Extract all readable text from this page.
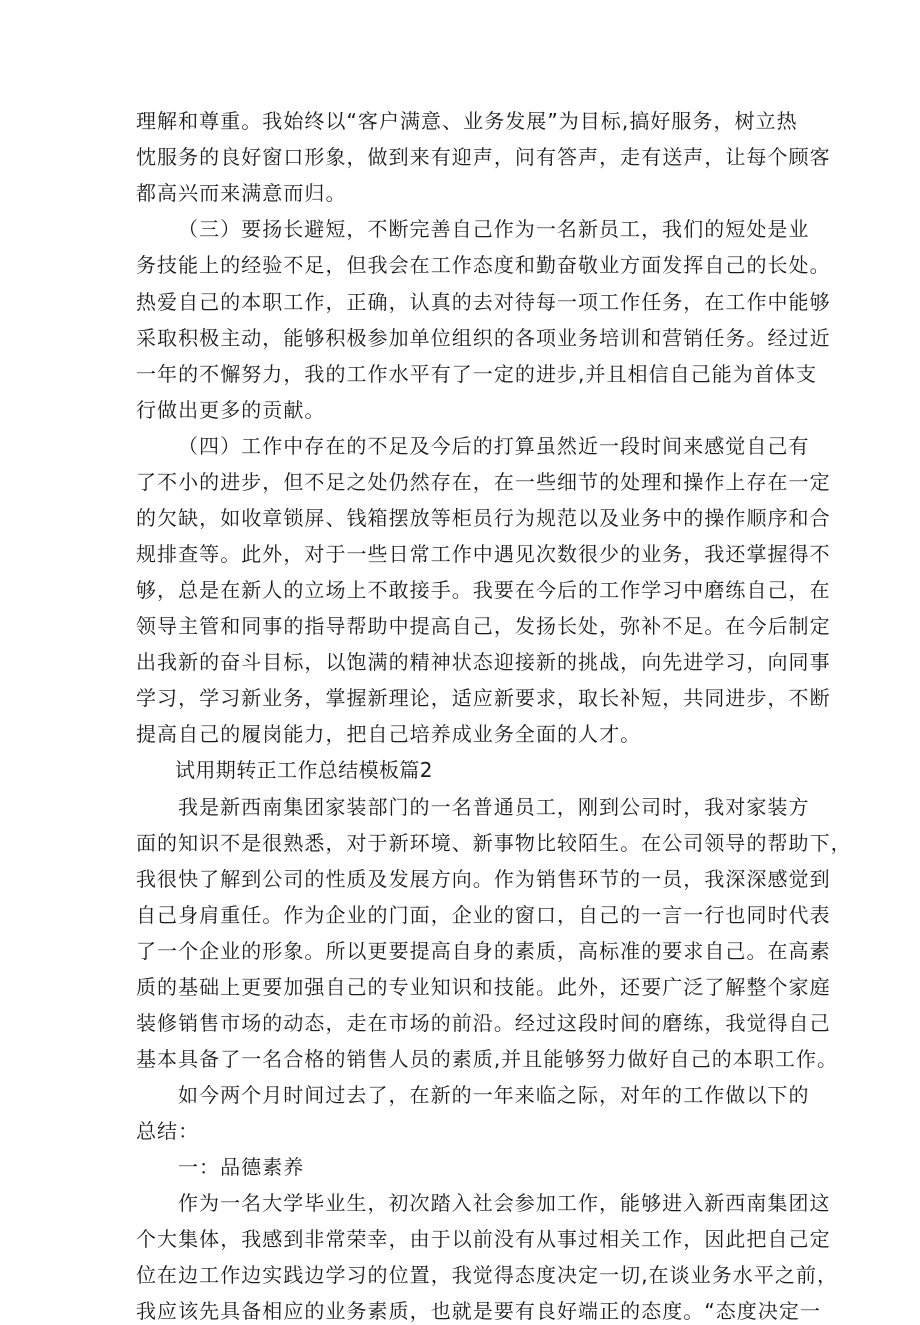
理解和尊重。我始终以“客户满意、业务发展”为目标,搞好服务，树立热
忱服务的良好窗口形象，做到来有迎声，问有答声，走有送声，让每个顾客
都高兴而来满意而归。
（三）要扬长避短，不断完善自己作为一名新员工，我们的短处是业
务技能上的经验不足，但我会在工作态度和勤奋敬业方面发挥自己的长处。
热爱自己的本职工作，正确，认真的去对待每一项工作任务，在工作中能够
采取积极主动，能够积极参加单位组织的各项业务培训和营销任务。经过近
一年的不懈努力，我的工作水平有了一定的进步,并且相信自己能为首体支
行做出更多的贡献。
（四）工作中存在的不足及今后的打算虽然近一段时间来感觉自己有
了不小的进步，但不足之处仍然存在，在一些细节的处理和操作上存在一定
的欠缺，如收章锁屏、钱箱摆放等柜员行为规范以及业务中的操作顺序和合
规排查等。此外，对于一些日常工作中遇见次数很少的业务，我还掌握得不
够，总是在新人的立场上不敢接手。我要在今后的工作学习中磨练自己，在
领导主管和同事的指导帮助中提高自己，发扬长处，弥补不足。在今后制定
出我新的奋斗目标，以饱满的精神状态迎接新的挑战，向先进学习，向同事
学习，学习新业务，掌握新理论，适应新要求，取长补短，共同进步，不断
提高自己的履岗能力，把自己培养成业务全面的人才。
试用期转正工作总结模板篇2
我是新西南集团家装部门的一名普通员工，刚到公司时，我对家装方
面的知识不是很熟悉，对于新环境、新事物比较陌生。在公司领导的帮助下，
我很快了解到公司的性质及发展方向。作为销售环节的一员，我深深感觉到
自己身肩重任。作为企业的门面，企业的窗口，自己的一言一行也同时代表
了一个企业的形象。所以更要提高自身的素质，高标准的要求自己。在高素
质的基础上更要加强自己的专业知识和技能。此外，还要广泛了解整个家庭
装修销售市场的动态，走在市场的前沿。经过这段时间的磨练，我觉得自己
基本具备了一名合格的销售人员的素质,并且能够努力做好自己的本职工作。
如今两个月时间过去了，在新的一年来临之际，对年的工作做以下的
总结：
一：品德素养
作为一名大学毕业生，初次踏入社会参加工作，能够进入新西南集团这
个大集体，我感到非常荣幸，由于以前没有从事过相关工作，因此把自己定
位在边工作边实践边学习的位置，我觉得态度决定一切,在谈业务水平之前，
我应该先具备相应的业务素质，也就是要有良好端正的态度。“态度决定一
